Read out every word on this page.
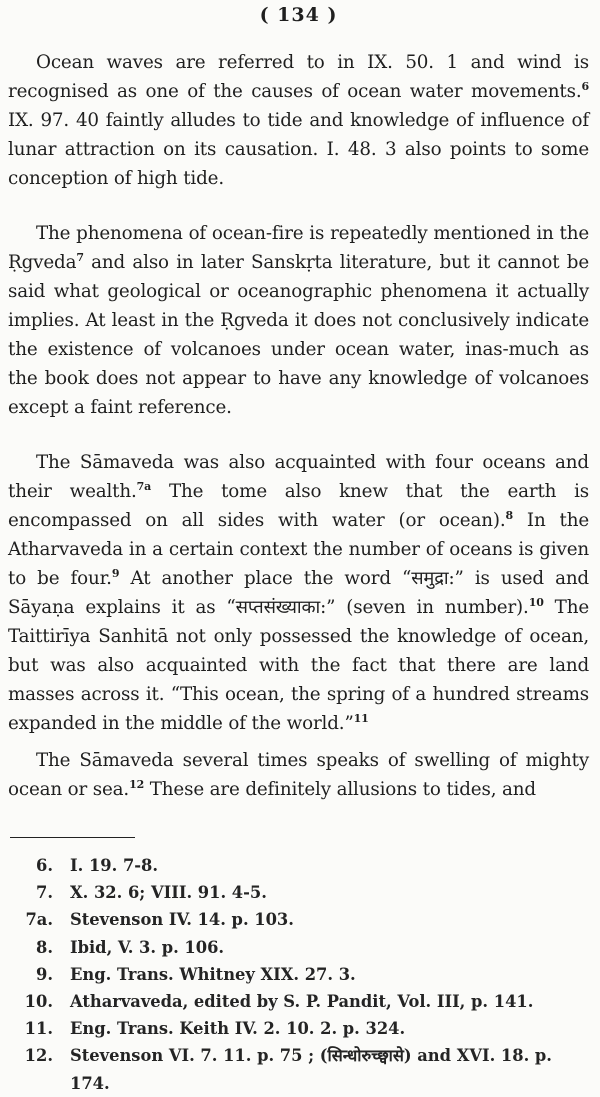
( 134 )

Ocean waves are referred to in IX. 50. 1 and wind is recognised as one of the causes of ocean water movements.$^6$ IX. 97. 40 faintly alludes to tide and knowledge of influence of lunar attraction on its causation. I. 48. 3 also points to some conception of high tide.

The phenomena of ocean-fire is repeatedly mentioned in the Ṛgveda$^7$ and also in later Sanskṛta literature, but it cannot be said what geological or oceanographic phenomena it actually implies. At least in the Ṛgveda it does not conclusively indicate the existence of volcanoes under ocean water, inas-much as the book does not appear to have any knowledge of volcanoes except a faint reference.

The Sāmaveda was also acquainted with four oceans and their wealth.$^{7a}$ The tome also knew that the earth is encompassed on all sides with water (or ocean).$^8$ In the Atharvaveda in a certain context the number of oceans is given to be four.$^9$ At another place the word “समुद्रा:” is used and Sāyaṇa explains it as “सप्तसंख्याका:” (seven in number).$^{10}$ The Taittirīya Sanhitā not only possessed the knowledge of ocean, but was also acquainted with the fact that there are land masses across it. “This ocean, the spring of a hundred streams expanded in the middle of the world.”$^{11}$

The Sāmaveda several times speaks of swelling of mighty ocean or sea.$^{12}$ These are definitely allusions to tides, and

6.	I. 19. 7-8.
7.	X. 32. 6; VIII. 91. 4-5.
7a.	Stevenson IV. 14. p. 103.
8.	Ibid, V. 3. p. 106.
9.	Eng. Trans. Whitney XIX. 27. 3.
10.	Atharvaveda, edited by S. P. Pandit, Vol. III, p. 141.
11.	Eng. Trans. Keith IV. 2. 10. 2. p. 324.
12.	Stevenson VI. 7. 11. p. 75 ; (सिन्धोरुच्छ्वासे) and XVI. 18. p. 174.
